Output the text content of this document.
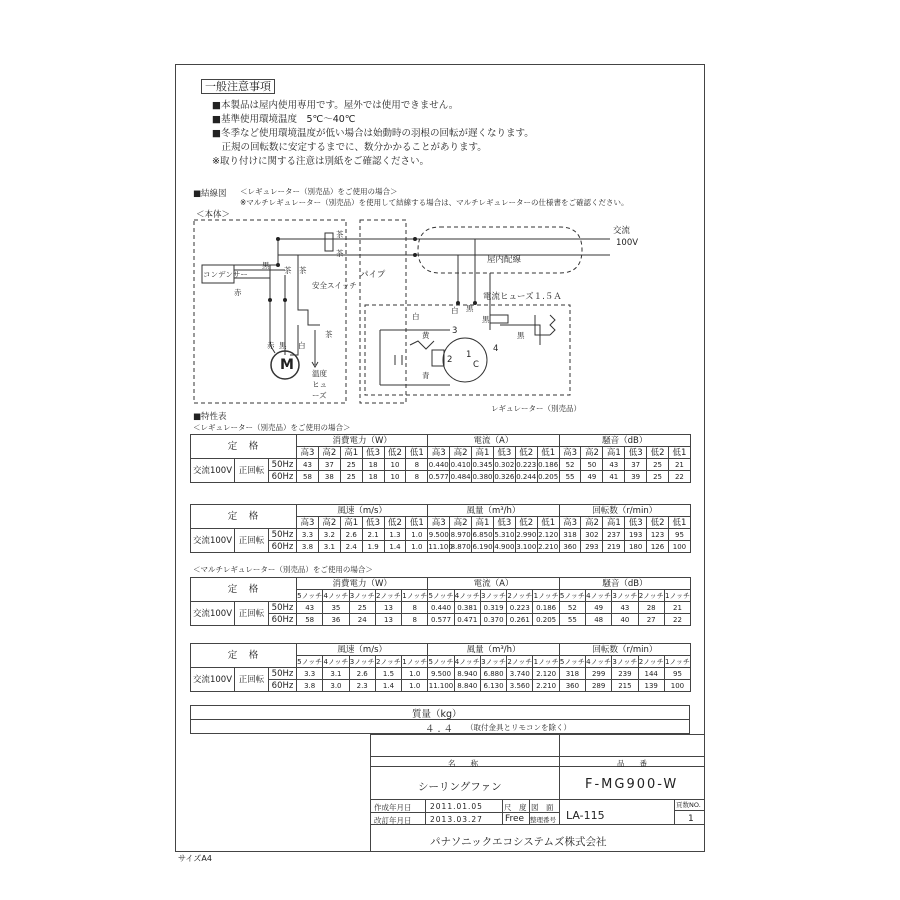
一般注意事項
■本製品は屋内使用専用です。屋外では使用できません。
■基準使用環境温度　5℃～40℃
■冬季など使用環境温度が低い場合は始動時の羽根の回転が遅くなります。
　正規の回転数に安定するまでに、数分かかることがあります。
※取り付けに関する注意は別紙をご確認ください。
■結線図 ＜レギュレーター（別売品）をご使用の場合＞
※マルチレギュレーター（別売品）を使用して結線する場合は、マルチレギュレーターの仕様書をご確認ください。
＜本体＞
交流
100V
パイプ
屋内配線
電流ヒューズ１.５Ａ
コンデンサー
安全スイッチ
温度ヒューズ
M
レギュレーター（別売品）
黒
赤
茶 茶
茶
茶
茶
赤 黒 白
白 黒
白
黄
青
黒
黒
3
4
1
2 C
■特性表
＜レギュレーター（別売品）をご使用の場合＞
定　格			消費電力（W）						電流（A）						騒音（dB）					
			高3	高2	高1	低3	低2	低1	高3	高2	高1	低3	低2	低1	高3	高2	高1	低3	低2	低1
交流100V	正回転	50Hz	43	37	25	18	10	8	0.440	0.410	0.345	0.302	0.223	0.186	52	50	43	37	25	21
		60Hz	58	38	25	18	10	8	0.577	0.484	0.380	0.326	0.244	0.205	55	49	41	39	25	22
定　格			風速（m/s）						風量（m³/h）						回転数（r/min）					
			高3	高2	高1	低3	低2	低1	高3	高2	高1	低3	低2	低1	高3	高2	高1	低3	低2	低1
交流100V	正回転	50Hz	3.3	3.2	2.6	2.1	1.3	1.0	9.500	8.970	6.850	5.310	2.990	2.120	318	302	237	193	123	95
		60Hz	3.8	3.1	2.4	1.9	1.4	1.0	11.100	8.870	6.190	4.900	3.100	2.210	360	293	219	180	126	100
＜マルチレギュレーター（別売品）をご使用の場合＞
定　格			消費電力（W）					電流（A）					騒音（dB）				
			5ノッチ	4ノッチ	3ノッチ	2ノッチ	1ノッチ	5ノッチ	4ノッチ	3ノッチ	2ノッチ	1ノッチ	5ノッチ	4ノッチ	3ノッチ	2ノッチ	1ノッチ
交流100V	正回転	50Hz	43	35	25	13	8	0.440	0.381	0.319	0.223	0.186	52	49	43	28	21
		60Hz	58	36	24	13	8	0.577	0.471	0.370	0.261	0.205	55	48	40	27	22
定　格			風速（m/s）					風量（m³/h）					回転数（r/min）				
			5ノッチ	4ノッチ	3ノッチ	2ノッチ	1ノッチ	5ノッチ	4ノッチ	3ノッチ	2ノッチ	1ノッチ	5ノッチ	4ノッチ	3ノッチ	2ノッチ	1ノッチ
交流100V	正回転	50Hz	3.3	3.1	2.6	1.5	1.0	9.500	8.940	6.880	3.740	2.120	318	299	239	144	95
		60Hz	3.8	3.0	2.3	1.4	1.0	11.100	8.840	6.130	3.560	2.210	360	289	215	139	100
質量（kg）
４.４ （取付金具とリモコンを除く）
名　　称	品　　番
シーリングファン	F-MG900-W
作成年月日 2011.01.05	尺　度 図　面
改訂年月日 2013.03.27 Free 整理番号 LA-115
頁数NO.
1
パナソニックエコシステムズ株式会社
サイズA4
